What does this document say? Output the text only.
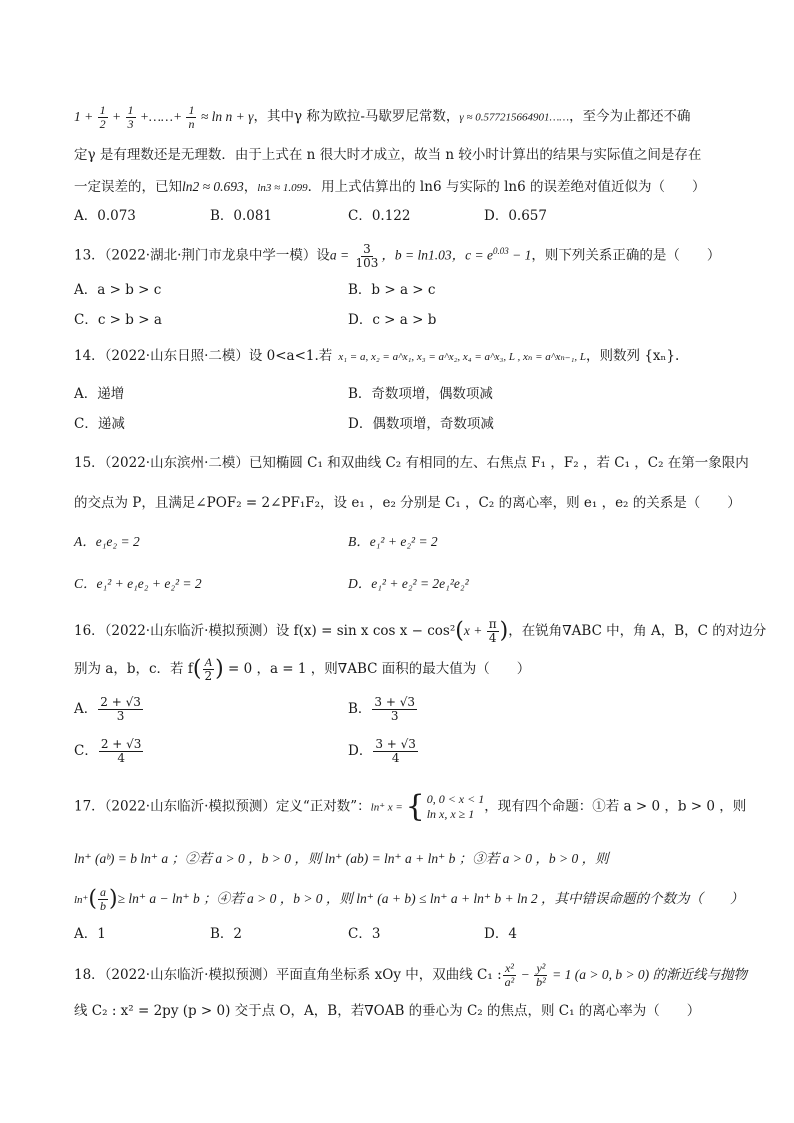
$1 + \frac{1}{2} + \frac{1}{3}$ +……+ $\frac{1}{n} \approx \ln n + \gamma$，其中γ 称为欧拉-马歇罗尼常数，γ ≈ 0.577215664901……，至今为止都还不确
定γ 是有理数还是无理数．由于上式在 n 很大时才成立，故当 n 较小时计算出的结果与实际值之间是存在
一定误差的，已知ln2 ≈ 0.693，ln3 ≈ 1.099．用上式估算出的 ln6 与实际的 ln6 的误差绝对值近似为（　　）
A．0.073	B．0.081	C．0.122	D．0.657
13．（2022·湖北·荆门市龙泉中学一模）设$a = \frac{3}{103}$ ，b = ln1.03，$c = e^{0.03} - 1$，则下列关系正确的是（　　）
A．a > b > c	B．b > a > c
C．c > b > a	D．c > a > b
14．（2022·山东日照·二模）设 0<a<1.若 x₁ = a, x₂ = a^x₁, x₃ = a^x₂, x₄ = a^x₃, L , xₙ = a^xₙ₋₁, L，则数列 {xₙ}.
A．递增	B．奇数项增，偶数项减
C．递减	D．偶数项增，奇数项减
15．（2022·山东滨州·二模）已知椭圆 C₁ 和双曲线 C₂ 有相同的左、右焦点 F₁ ，F₂ ，若 C₁ ，C₂ 在第一象限内
的交点为 P，且满足∠POF₂ = 2∠PF₁F₂，设 e₁ ，e₂ 分别是 C₁ ，C₂ 的离心率，则 e₁ ，e₂ 的关系是（　　）
A．e₁e₂ = 2	B．e₁² + e₂² = 2
C．e₁² + e₁e₂ + e₂² = 2	D．e₁² + e₂² = 2e₁²e₂²
16．（2022·山东临沂·模拟预测）设 f(x) = sin x $\cos x - \cos^2(x + \frac{\pi}{4}$ )，在锐角∇ABC 中，角 A，B，C 的对边分
别为 a，b，c．若 $f( \frac{A}{2}$ ) = 0 ，a = 1 ，则∇ABC 面积的最大值为（　　）
A． $\frac{2 + √3}{3}$	B． $\frac{3 + √3}{3}$
C． $\frac{2 + √3}{4}$	D． $\frac{3 + √3}{4}$
17．（2022·山东临沂·模拟预测）定义“正对数”：ln⁺ x = { 0, 0 < x < 1
ln x, x ≥ 1 ，现有四个命题：①若 a > 0 ，b > 0 ，则
ln⁺ (aᵇ) = b ln⁺ a ；②若 a > 0 ，b > 0 ，则 ln⁺ (ab) = ln⁺ a + ln⁺ b ；③若 a > 0 ，b > 0 ，则
$\ln^+( \frac{a}{b}$ )≥ ln⁺ a − ln⁺ b ；④若 a > 0 ，b > 0 ，则 ln⁺ (a + b) ≤ ln⁺ a + ln⁺ b + ln 2 ，其中错误命题的个数为（　　）
A．1	B．2	C．3	D．4
18．（2022·山东临沂·模拟预测）平面直角坐标系 xOy 中，双曲线 C₁ : $\frac{\text{x²}}{\text{a²}} - \frac{\text{y²}}{\text{b²}} = 1$ (a > 0, b > 0) 的渐近线与抛物
线 C₂ : x² = 2py (p > 0) 交于点 O，A，B，若∇OAB 的垂心为 C₂ 的焦点，则 C₁ 的离心率为（　　）
